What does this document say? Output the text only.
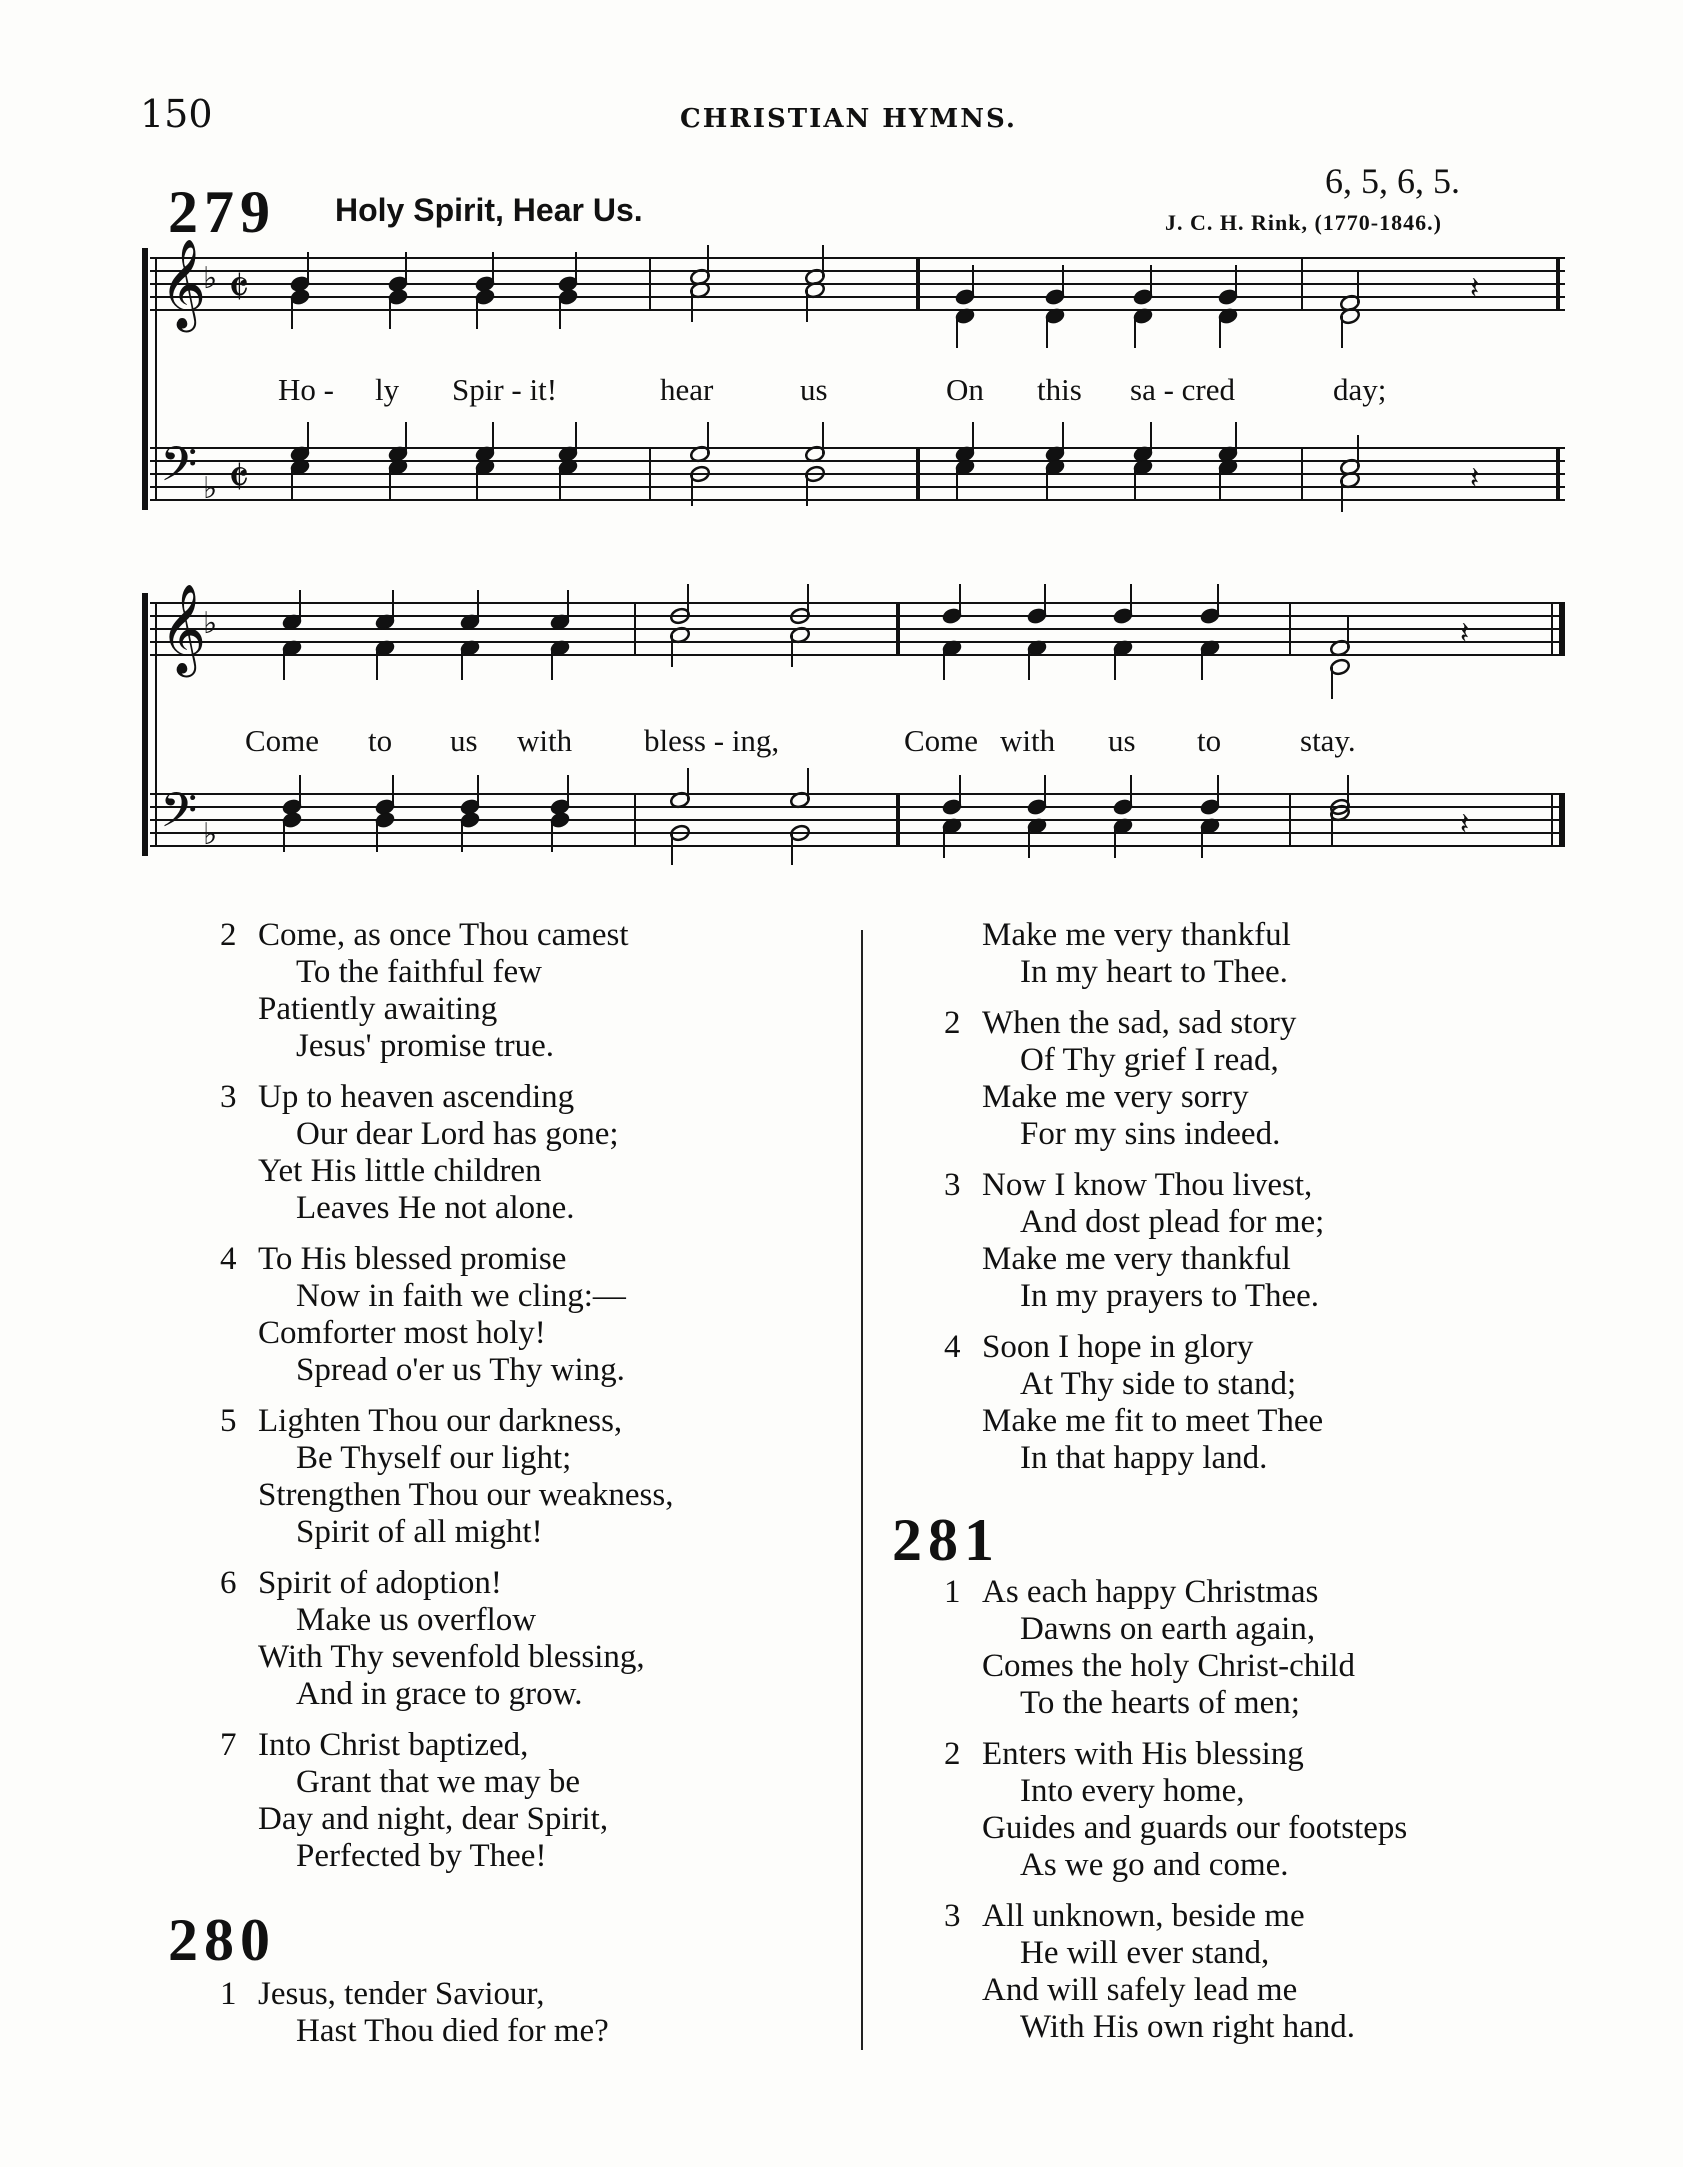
150	CHRISTIAN HYMNS.
279 Holy Spirit, Hear Us.
6, 5, 6, 5.
J. C. H. Rink, (1770-1846.)
𝄞
♭ 𝄵
𝄞
♭
𝄢 ♭ 𝄵
𝄢 ♭
𝄽
𝄽
𝄽
𝄽
Ho - ly Spir - it!	hear	us	On this sa - cred	day;
Come to us with bless - ing,	Come with us to	stay.
2 Come, as once Thou camest
To the faithful few
Patiently awaiting
Jesus' promise true.
3 Up to heaven ascending
Our dear Lord has gone;
Yet His little children
Leaves He not alone.
4 To His blessed promise
Now in faith we cling:—
Comforter most holy!
Spread o'er us Thy wing.
5 Lighten Thou our darkness,
Be Thyself our light;
Strengthen Thou our weakness,
Spirit of all might!
6 Spirit of adoption!
Make us overflow
With Thy sevenfold blessing,
And in grace to grow.
7 Into Christ baptized,
Grant that we may be
Day and night, dear Spirit,
Perfected by Thee!
280
1 Jesus, tender Saviour,
Hast Thou died for me?
Make me very thankful
In my heart to Thee.
2 When the sad, sad story
Of Thy grief I read,
Make me very sorry
For my sins indeed.
3 Now I know Thou livest,
And dost plead for me;
Make me very thankful
In my prayers to Thee.
4 Soon I hope in glory
At Thy side to stand;
Make me fit to meet Thee
In that happy land.
281
1 As each happy Christmas
Dawns on earth again,
Comes the holy Christ-child
To the hearts of men;
2 Enters with His blessing
Into every home,
Guides and guards our footsteps
As we go and come.
3 All unknown, beside me
He will ever stand,
And will safely lead me
With His own right hand.
